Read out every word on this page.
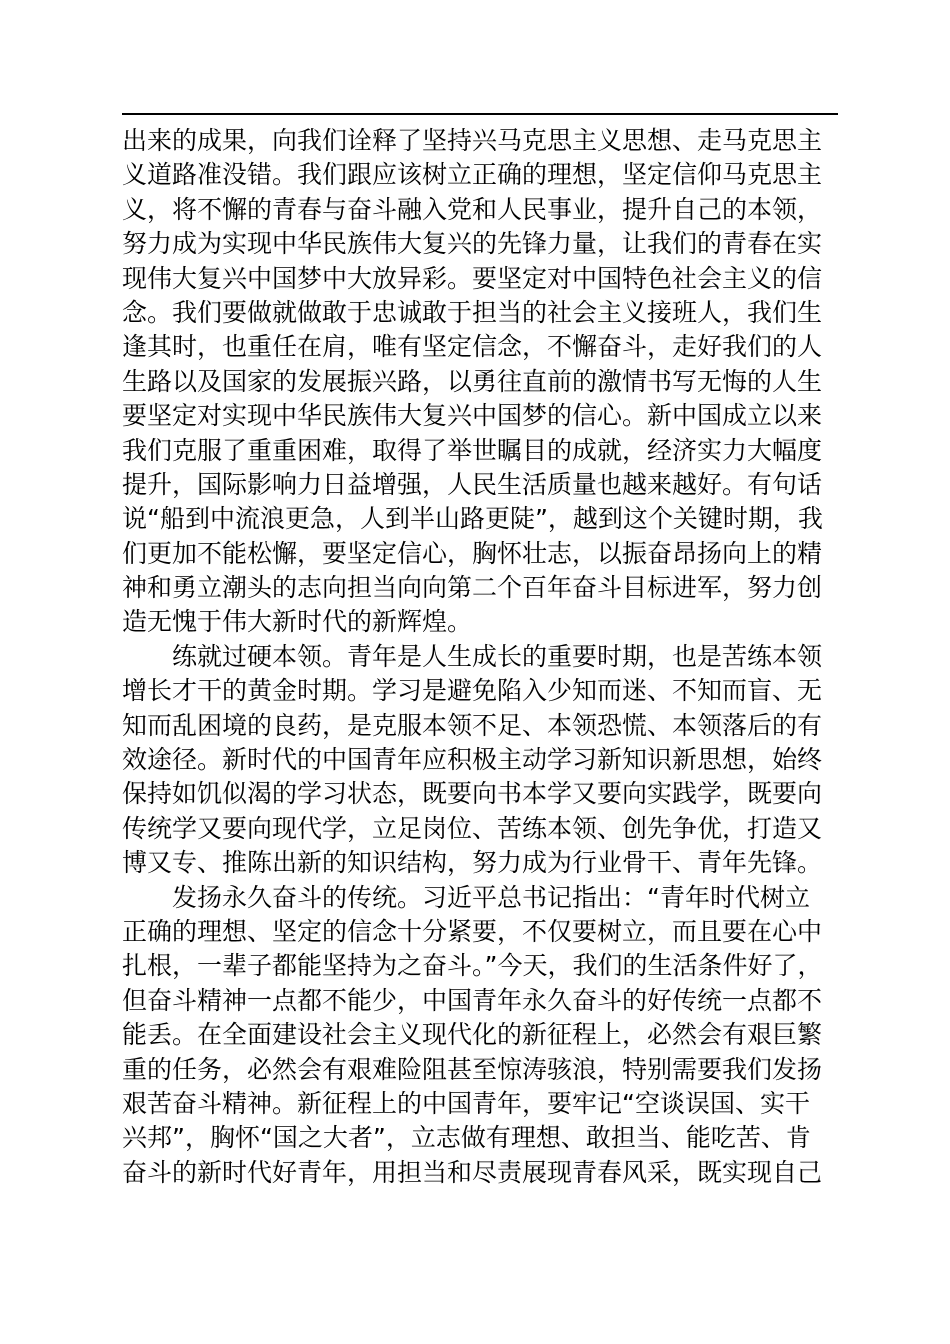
出来的成果，向我们诠释了坚持兴马克思主义思想、走马克思主
义道路准没错。我们跟应该树立正确的理想，坚定信仰马克思主
义，将不懈的青春与奋斗融入党和人民事业，提升自己的本领，
努力成为实现中华民族伟大复兴的先锋力量，让我们的青春在实
现伟大复兴中国梦中大放异彩。要坚定对中国特色社会主义的信
念。我们要做就做敢于忠诚敢于担当的社会主义接班人，我们生
逢其时，也重任在肩，唯有坚定信念，不懈奋斗，走好我们的人
生路以及国家的发展振兴路，以勇往直前的激情书写无悔的人生
要坚定对实现中华民族伟大复兴中国梦的信心。新中国成立以来
我们克服了重重困难，取得了举世瞩目的成就，经济实力大幅度
提升，国际影响力日益增强，人民生活质量也越来越好。有句话
说“船到中流浪更急，人到半山路更陡”，越到这个关键时期，我
们更加不能松懈，要坚定信心，胸怀壮志，以振奋昂扬向上的精
神和勇立潮头的志向担当向向第二个百年奋斗目标进军，努力创
造无愧于伟大新时代的新辉煌。
　　练就过硬本领。青年是人生成长的重要时期，也是苦练本领
增长才干的黄金时期。学习是避免陷入少知而迷、不知而盲、无
知而乱困境的良药，是克服本领不足、本领恐慌、本领落后的有
效途径。新时代的中国青年应积极主动学习新知识新思想，始终
保持如饥似渴的学习状态，既要向书本学又要向实践学，既要向
传统学又要向现代学，立足岗位、苦练本领、创先争优，打造又
博又专、推陈出新的知识结构，努力成为行业骨干、青年先锋。
　　发扬永久奋斗的传统。习近平总书记指出：“青年时代树立
正确的理想、坚定的信念十分紧要，不仅要树立，而且要在心中
扎根，一辈子都能坚持为之奋斗。”今天，我们的生活条件好了，
但奋斗精神一点都不能少，中国青年永久奋斗的好传统一点都不
能丢。在全面建设社会主义现代化的新征程上，必然会有艰巨繁
重的任务，必然会有艰难险阻甚至惊涛骇浪，特别需要我们发扬
艰苦奋斗精神。新征程上的中国青年，要牢记“空谈误国、实干
兴邦”，胸怀“国之大者”，立志做有理想、敢担当、能吃苦、肯
奋斗的新时代好青年，用担当和尽责展现青春风采，既实现自己
